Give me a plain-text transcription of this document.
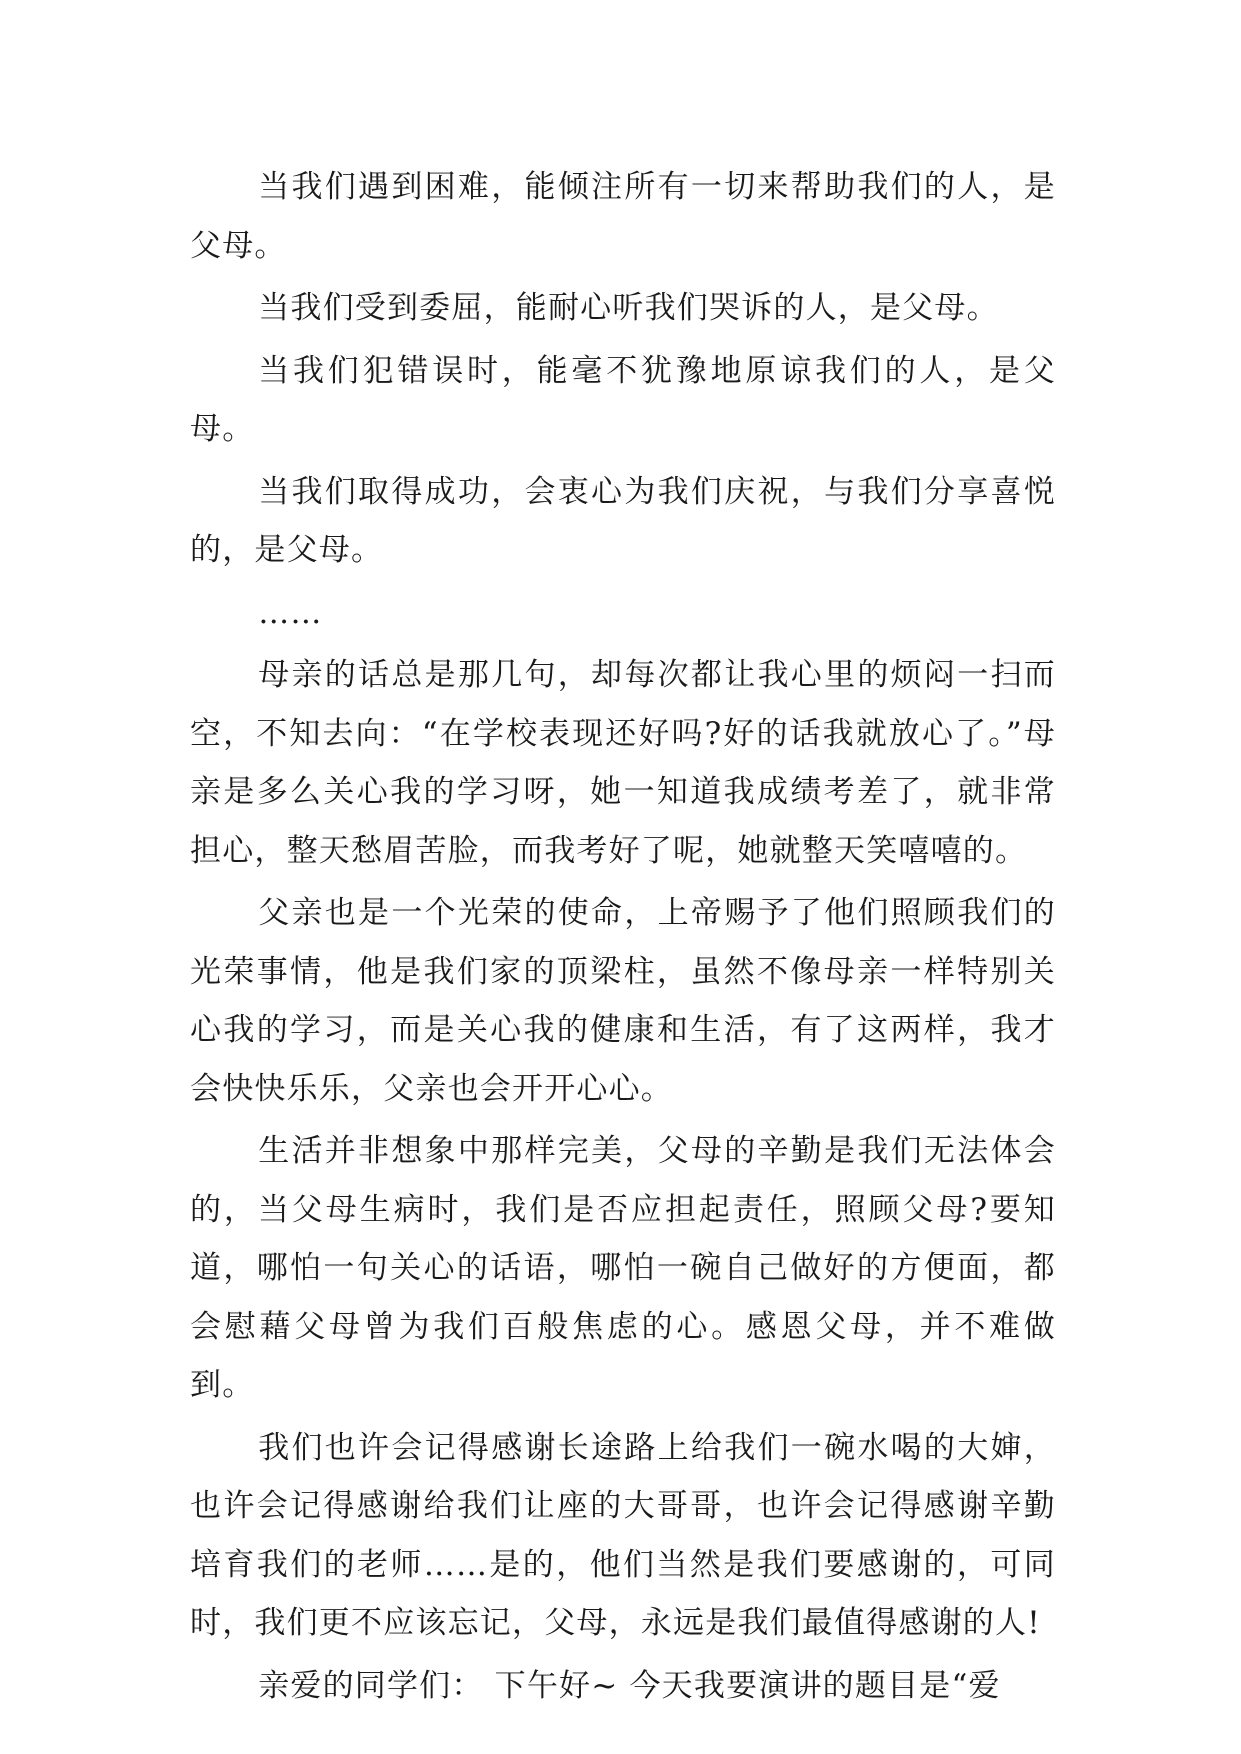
当我们遇到困难，能倾注所有一切来帮助我们的人，是父母。

当我们受到委屈，能耐心听我们哭诉的人，是父母。

当我们犯错误时，能毫不犹豫地原谅我们的人，是父母。

当我们取得成功，会衷心为我们庆祝，与我们分享喜悦的，是父母。

……

母亲的话总是那几句，却每次都让我心里的烦闷一扫而空，不知去向：“在学校表现还好吗?好的话我就放心了。”母亲是多么关心我的学习呀，她一知道我成绩考差了，就非常担心，整天愁眉苦脸，而我考好了呢，她就整天笑嘻嘻的。

父亲也是一个光荣的使命，上帝赐予了他们照顾我们的光荣事情，他是我们家的顶梁柱，虽然不像母亲一样特别关心我的学习，而是关心我的健康和生活，有了这两样，我才会快快乐乐，父亲也会开开心心。

生活并非想象中那样完美，父母的辛勤是我们无法体会的，当父母生病时，我们是否应担起责任，照顾父母?要知道，哪怕一句关心的话语，哪怕一碗自己做好的方便面，都会慰藉父母曾为我们百般焦虑的心。感恩父母，并不难做到。

我们也许会记得感谢长途路上给我们一碗水喝的大婶，也许会记得感谢给我们让座的大哥哥，也许会记得感谢辛勤培育我们的老师……是的，他们当然是我们要感谢的，可同时，我们更不应该忘记，父母，永远是我们最值得感谢的人!

亲爱的同学们： 下午好~ 今天我要演讲的题目是“爱
